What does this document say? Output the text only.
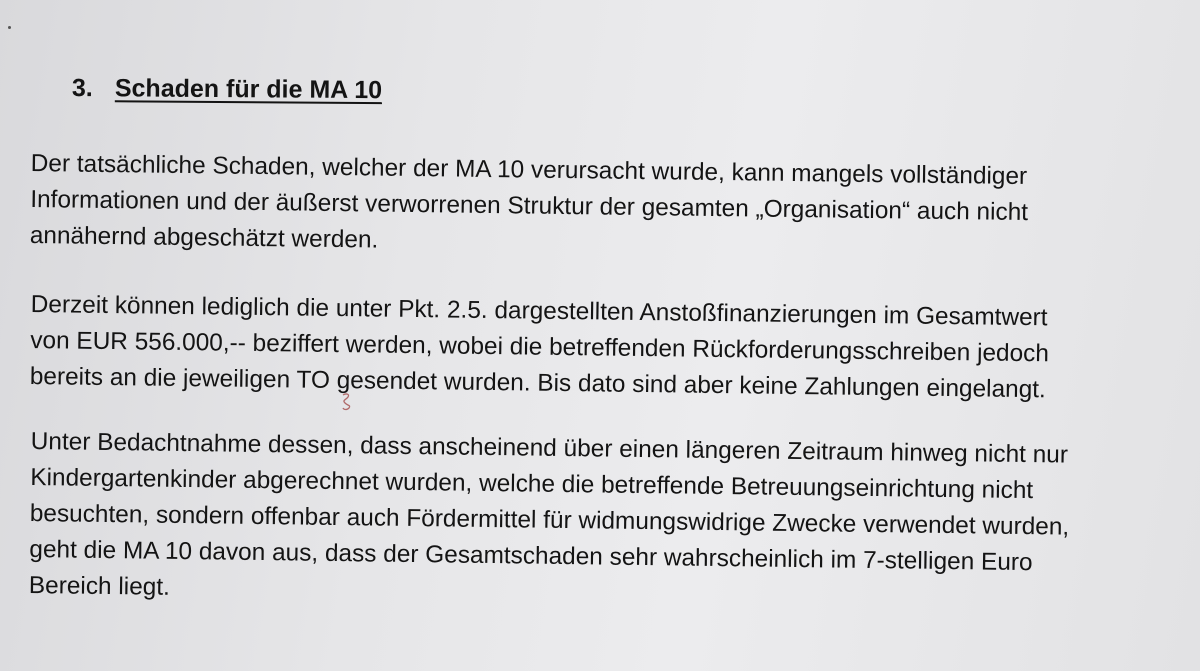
3. Schaden für die MA 10
Der tatsächliche Schaden, welcher der MA 10 verursacht wurde, kann mangels vollständiger
Informationen und der äußerst verworrenen Struktur der gesamten „Organisation“ auch nicht
annähernd abgeschätzt werden.
Derzeit können lediglich die unter Pkt. 2.5. dargestellten Anstoßfinanzierungen im Gesamtwert
von EUR 556.000,-- beziffert werden, wobei die betreffenden Rückforderungsschreiben jedoch
bereits an die jeweiligen TO gesendet wurden. Bis dato sind aber keine Zahlungen eingelangt.
Unter Bedachtnahme dessen, dass anscheinend über einen längeren Zeitraum hinweg nicht nur
Kindergartenkinder abgerechnet wurden, welche die betreffende Betreuungseinrichtung nicht
besuchten, sondern offenbar auch Fördermittel für widmungswidrige Zwecke verwendet wurden,
geht die MA 10 davon aus, dass der Gesamtschaden sehr wahrscheinlich im 7-stelligen Euro
Bereich liegt.
